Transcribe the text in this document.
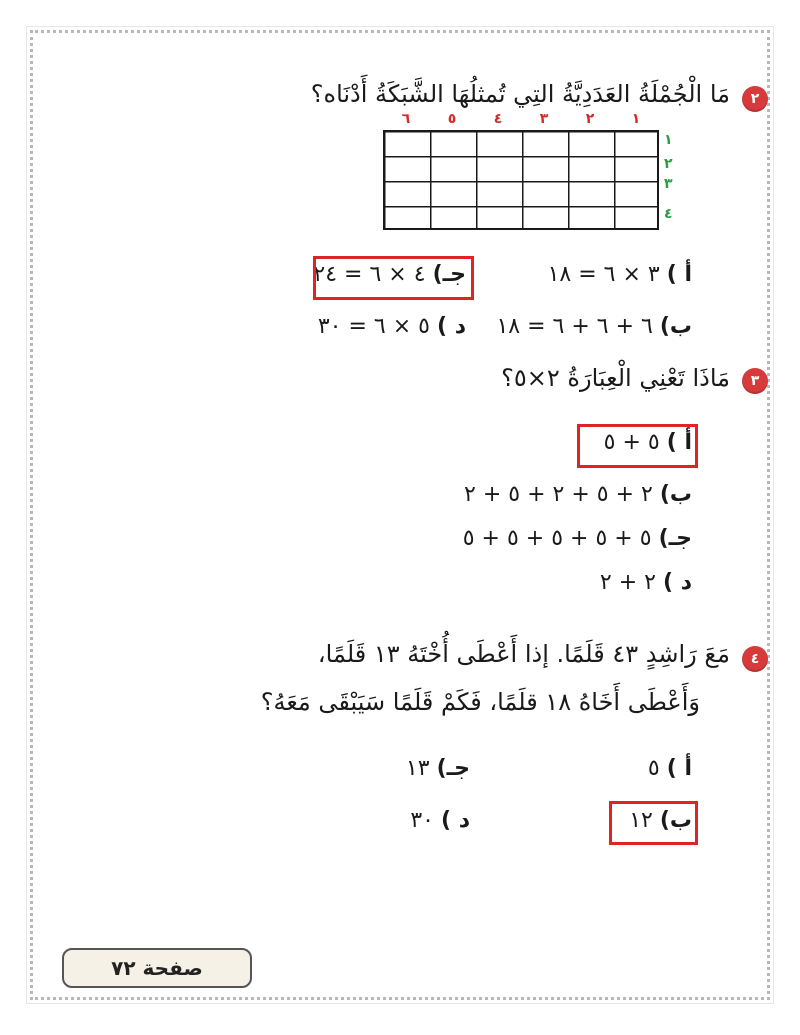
٢
مَا الْجُمْلَةُ العَدَدِيَّةُ التِي تُمثلُهَا الشَّبَكَةُ أَدْنَاه؟
١
٢
٣
٤
٥
٦
١
٢
٣
٤
أ ) ٣ × ٦ = ١٨
جـ) ٤ × ٦ = ٢٤
ب) ٦ + ٦ + ٦ = ١٨
د ) ٥ × ٦ = ٣٠
٣
مَاذَا تَعْنِي الْعِبَارَةُ ٢×٥؟
أ ) ٥ + ٥
ب) ٢ + ٥ + ٢ + ٥ + ٢
جـ) ٥ + ٥ + ٥ + ٥ + ٥
د ) ٢ + ٢
٤
مَعَ رَاشِدٍ ٤٣ قَلَمًا. إذا أَعْطَى أُخْتَهُ ١٣ قَلَمًا،
وَأَعْطَى أَخَاهُ ١٨ قلَمًا، فَكَمْ قَلَمًا سَيَبْقَى مَعَهُ؟
أ ) ٥
جـ) ١٣
ب) ١٢
د ) ٣٠
صفحة ٧٢
